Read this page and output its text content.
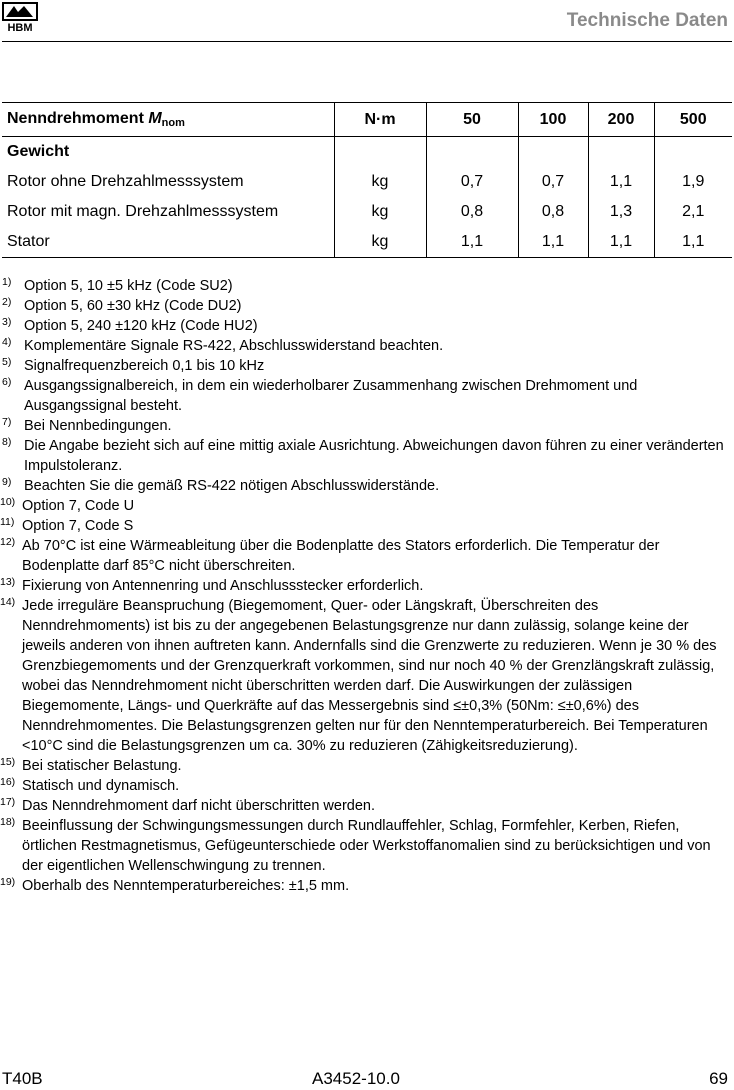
HBM	Technische Daten
Nenndrehmoment $M_{nom}$	N·m	50	100	200	500
Gewicht					
Rotor ohne Drehzahlmesssystem	kg	0,7	0,7	1,1	1,9
Rotor mit magn. Drehzahlmesssystem	kg	0,8	0,8	1,3	2,1
Stator	kg	1,1	1,1	1,1	1,1
1) Option 5, 10 ±5 kHz (Code SU2)
2) Option 5, 60 ±30 kHz (Code DU2)
3) Option 5, 240 ±120 kHz (Code HU2)
4) Komplementäre Signale RS-422, Abschlusswiderstand beachten.
5) Signalfrequenzbereich 0,1 bis 10 kHz
6) Ausgangssignalbereich, in dem ein wiederholbarer Zusammenhang zwischen Drehmoment und Ausgangssignal besteht.
7) Bei Nennbedingungen.
8) Die Angabe bezieht sich auf eine mittig axiale Ausrichtung. Abweichungen davon führen zu einer veränderten Impulstoleranz.
9) Beachten Sie die gemäß RS-422 nötigen Abschlusswiderstände.
10) Option 7, Code U
11) Option 7, Code S
12) Ab 70°C ist eine Wärmeableitung über die Bodenplatte des Stators erforderlich. Die Temperatur der Bodenplatte darf 85°C nicht überschreiten.
13) Fixierung von Antennenring und Anschlussstecker erforderlich.
14) Jede irreguläre Beanspruchung (Biegemoment, Quer- oder Längskraft, Überschreiten des Nenndrehmoments) ist bis zu der angegebenen Belastungsgrenze nur dann zulässig, solange keine der jeweils anderen von ihnen auftreten kann. Andernfalls sind die Grenzwerte zu reduzieren. Wenn je 30 % des Grenzbiegemoments und der Grenzquerkraft vorkommen, sind nur noch 40 % der Grenzlängskraft zulässig, wobei das Nenndrehmoment nicht überschritten werden darf. Die Auswirkungen der zulässigen Biegemomente, Längs- und Querkräfte auf das Messergebnis sind ≤±0,3% (50Nm: ≤±0,6%) des Nenndrehmomentes. Die Belastungsgrenzen gelten nur für den Nenntemperaturbereich. Bei Temperaturen <10°C sind die Belastungsgrenzen um ca. 30% zu reduzieren (Zähigkeitsreduzierung).
15) Bei statischer Belastung.
16) Statisch und dynamisch.
17) Das Nenndrehmoment darf nicht überschritten werden.
18) Beeinflussung der Schwingungsmessungen durch Rundlauffehler, Schlag, Formfehler, Kerben, Riefen, örtlichen Restmagnetismus, Gefügeunterschiede oder Werkstoffanomalien sind zu berücksichtigen und von der eigentlichen Wellenschwingung zu trennen.
19) Oberhalb des Nenntemperaturbereiches: ±1,5 mm.
T40B	A3452-10.0	69
